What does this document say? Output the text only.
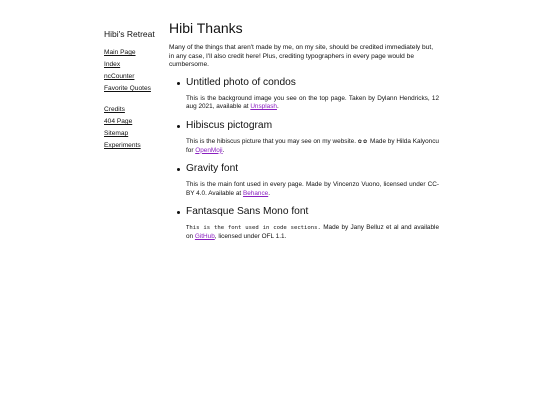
Hibi's Retreat
Main Page
Index
ncCounter
Favorite Quotes
Credits
404 Page
Sitemap
Experiments
Hibi Thanks

Many of the things that aren't made by me, on my site, should be credited immediately but, in any case, I'll also credit here! Plus, crediting typographers in every page would be cumbersome.

Untitled photo of condos

This is the background image you see on the top page. Taken by Dylann Hendricks, 12 aug 2021, available at Unsplash.

Hibiscus pictogram

This is the hibiscus picture that you may see on my website. ✿✿ Made by Hilda Kalyoncu for OpenMoji.

Gravity font

This is the main font used in every page. Made by Vincenzo Vuono, licensed under CC-BY 4.0. Available at Behance.

Fantasque Sans Mono font

This is the font used in code sections. Made by Jany Belluz et al and available on GitHub, licensed under OFL 1.1.
